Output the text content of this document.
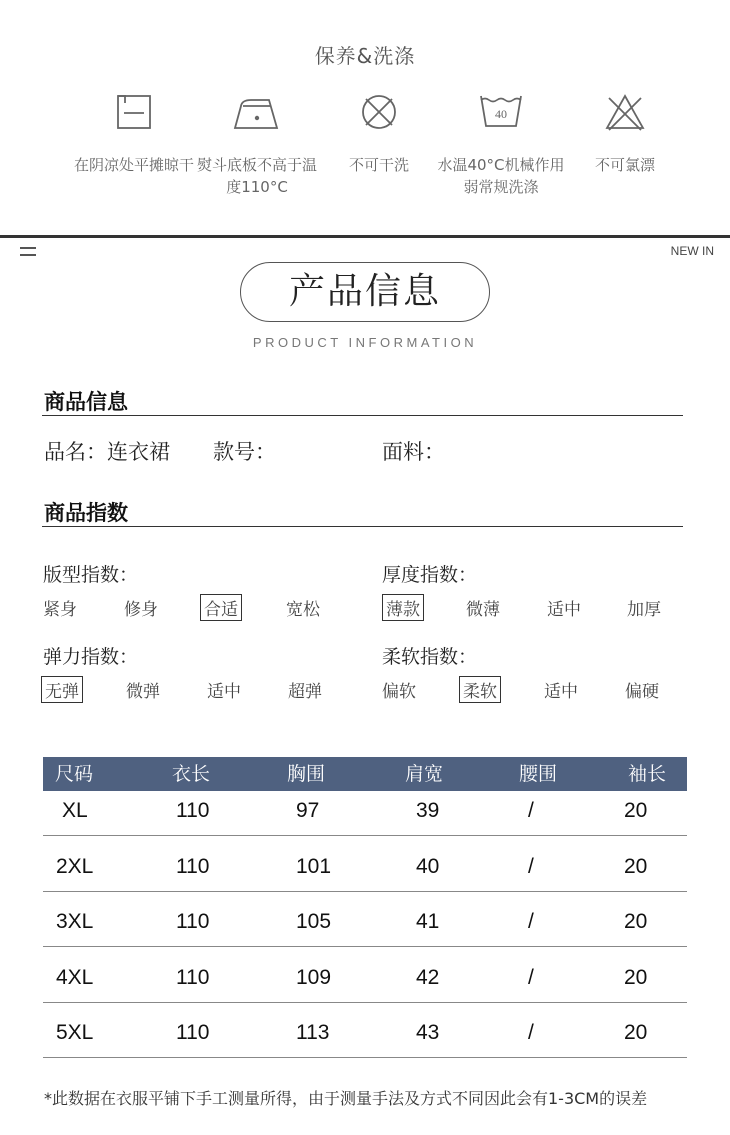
保养&洗涤
在阴凉处平摊晾干 熨斗底板不高于温度110°C
不可干洗
40
水温40°C机械作用弱常规洗涤
不可氯漂
NEW IN
产品信息
PRODUCT INFORMATION
商品信息
品名：连衣裙 款号：	面料：
商品指数
版型指数：
紧身	修身	合适	宽松
厚度指数：
薄款	微薄	适中	加厚
弹力指数：
无弹	微弹	适中	超弹
柔软指数：
偏软	柔软	适中	偏硬
尺码	衣长	胸围	肩宽	腰围	袖长
XL	110	97	39	/	20
2XL	110	101	40	/	20
3XL	110	105	41	/	20
4XL	110	109	42	/	20
5XL	110	113	43	/	20
*此数据在衣服平铺下手工测量所得，由于测量手法及方式不同因此会有1-3CM的误差
